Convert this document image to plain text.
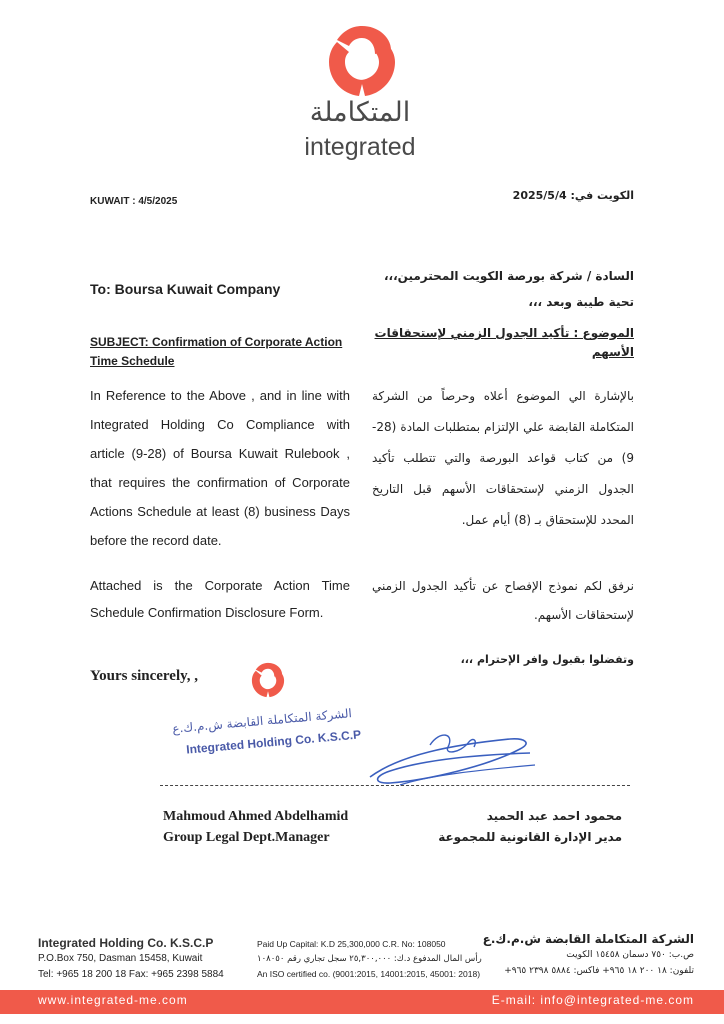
المتكاملة
integrated
KUWAIT : 4/5/2025	الكويت في: 2025/5/4
السادة / شركة بورصة الكويت المحترمين،،،
تحية طيبة وبعد ،،،
To: Boursa Kuwait Company
SUBJECT: Confirmation of Corporate Action Time Schedule
الموضوع : تأكيد الجدول الزمني لإستحقاقات الأسهم
In Reference to the Above , and in line with Integrated Holding Co Compliance with article (9-28) of Boursa Kuwait Rulebook , that requires the confirmation of Corporate Actions Schedule at least (8) business Days before the record date.
بالإشارة الي الموضوع أعلاه وحرصاً من الشركة المتكاملة القابضة علي الإلتزام بمتطلبات المادة (28-9) من كتاب قواعد البورصة والتي تتطلب تأكيد الجدول الزمني لإستحقاقات الأسهم قبل التاريخ المحدد للإستحقاق بـ (8) أيام عمل.
Attached is the Corporate Action Time Schedule Confirmation Disclosure Form.
نرفق لكم نموذج الإفصاح عن تأكيد الجدول الزمني لإستحقاقات الأسهم.
وتفضلوا بقبول وافر الإحترام ،،،
Yours sincerely, ,
الشركة المتكاملة القابضة ش.م.ك.ع
Integrated Holding Co. K.S.C.P
Mahmoud Ahmed Abdelhamid
Group Legal Dept.Manager
محمود احمد عبد الحميد
مدير الإدارة القانونية للمجموعة
Integrated Holding Co. K.S.C.P
P.O.Box 750, Dasman 15458, Kuwait
Tel: +965 18 200 18 Fax: +965 2398 5884
Paid Up Capital: K.D 25,300,000 C.R. No: 108050
رأس المال المدفوع د.ك: ٢٥,٣٠٠,٠٠٠ سجل تجاري رقم ١٠٨٠٥٠
An ISO certified co. (9001:2015, 14001:2015, 45001: 2018)
الشركة المتكاملة القابضة ش.م.ك.ع
ص.ب: ٧٥٠ دسمان ١٥٤٥٨ الكويت
تلفون: ١٨ ٢٠٠ ١٨ ٩٦٥+ فاكس: ٥٨٨٤ ٢٣٩٨ ٩٦٥+
www.integrated-me.com	E-mail: info@integrated-me.com
